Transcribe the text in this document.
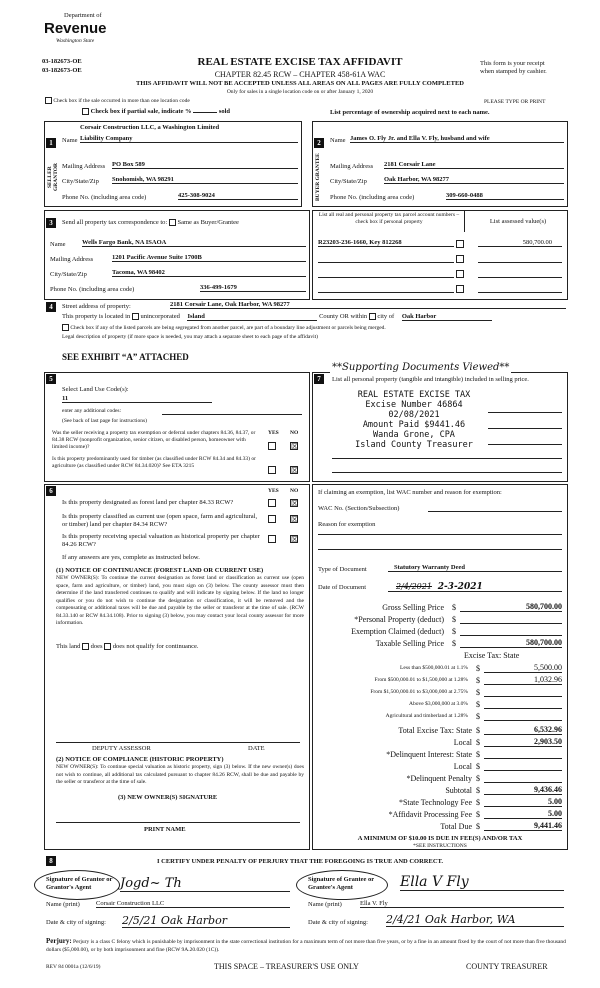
Department of
Revenue
Washington State
03-182673-OE
03-182673-OE
REAL ESTATE EXCISE TAX AFFIDAVIT
CHAPTER 82.45 RCW – CHAPTER 458-61A WAC
This form is your receipt
when stamped by cashier.
THIS AFFIDAVIT WILL NOT BE ACCEPTED UNLESS ALL AREAS ON ALL PAGES ARE FULLY COMPLETED
Only for sales in a single location code on or after January 1, 2020
Check box if the sale occurred in more than one location code	PLEASE TYPE OR PRINT
Check box if partial sale, indicate %	sold	List percentage of ownership acquired next to each name.
1
SELLER GRANTOR
Corsair Construction LLC, a Washington Limited
Name Liability Company
Mailing Address PO Box 589
City/State/Zip Snohomish, WA 98291
Phone No. (including area code)	425-308-9024
2
BUYER GRANTEE
Name James O. Fly Jr. and Ella V. Fly, husband and wife
Mailing Address 2181 Corsair Lane
City/State/Zip	Oak Harbor, WA 98277
Phone No. (including area code)	309-660-0488
3	Send all property tax correspondence to: Same as Buyer/Grantee
Name	Wells Fargo Bank, NA ISAOA
Mailing Address	1201 Pacific Avenue Suite 1700B
City/State/Zip	Tacoma, WA 98402
Phone No. (including area code)	336-499-1679
List all real and personal property tax parcel account numbers – check box if personal property	List assessed value(s)
R23203-236-1660, Key 812268	580,700.00
4	Street address of property:	2181 Corsair Lane, Oak Harbor, WA 98277
This property is located in unincorporated Island	County OR within city of Oak Harbor
Check box if any of the listed parcels are being segregated from another parcel, are part of a boundary line adjustment or parcels being merged.
Legal description of property (if more space is needed, you may attach a separate sheet to each page of the affidavit)
SEE EXHIBIT “A” ATTACHED
5
Select Land Use Code(s):
11
enter any additional codes:
(See back of last page for instructions)
YES NO
Was the seller receiving a property tax exemption or deferral under chapters 84.36, 84.37, or 84.38 RCW (nonprofit organization, senior citizen, or disabled person, homeowner with limited income)?	☒
Is this property predominantly used for timber (as classified under RCW 84.34 and 84.33) or agriculture (as classified under RCW 84.34.020)? See ETA 3215	☒
6	YES NO
Is this property designated as forest land per chapter 84.33 RCW?	☒
Is this property classified as current use (open space, farm and agricultural, or timber) land per chapter 84.34 RCW?
☒
Is this property receiving special valuation as historical property per chapter 84.26 RCW?
☒
If any answers are yes, complete as instructed below.
(1) NOTICE OF CONTINUANCE (FOREST LAND OR CURRENT USE)
NEW OWNER(S): To continue the current designation as forest land or classification as current use (open space, farm and agriculture, or timber) land, you must sign on (3) below. The county assessor must then determine if the land transferred continues to qualify and will indicate by signing below. If the land no longer qualifies or you do not wish to continue the designation or classification, it will be removed and the compensating or additional taxes will be due and payable by the seller or transferor at the time of sale. (RCW 84.33.140 or RCW 84.34.108). Prior to signing (3) below, you may contact your local county assessor for more information.
This land does does not qualify for continuance.
DEPUTY ASSESSOR	DATE
(2) NOTICE OF COMPLIANCE (HISTORIC PROPERTY)
NEW OWNER(S): To continue special valuation as historic property, sign (3) below. If the new owner(s) does not wish to continue, all additional tax calculated pursuant to chapter 84.26 RCW, shall be due and payable by the seller or transferor at the time of sale.
(3) NEW OWNER(S) SIGNATURE
PRINT NAME
**Supporting Documents Viewed**
7	List all personal property (tangible and intangible) included in selling price.
REAL ESTATE EXCISE TAX
Excise Number 46864
02/08/2021
Amount Paid $9441.46
Wanda Grone, CPA
Island County Treasurer
If claiming an exemption, list WAC number and reason for exemption:
WAC No. (Section/Subsection)
Reason for exemption
Type of Document	Statutory Warranty Deed
Date of Document	2/4/2021 2-3-2021
Gross Selling Price $	580,700.00
*Personal Property (deduct) $
Exemption Claimed (deduct) $
Taxable Selling Price $	580,700.00
Excise Tax: State
Less than $500,000.01 at 1.1% $	5,500.00
From $500,000.01 to $1,500,000 at 1.28% $	1,032.96
From $1,500,000.01 to $3,000,000 at 2.75% $
Above $3,000,000 at 3.0% $
Agricultural and timberland at 1.28% $
Total Excise Tax: State $	6,532.96
Local $	2,903.50
*Delinquent Interest: State $
Local $
*Delinquent Penalty $
Subtotal $	9,436.46
*State Technology Fee $	5.00
*Affidavit Processing Fee $	5.00
Total Due $	9,441.46
A MINIMUM OF $10.00 IS DUE IN FEE(S) AND/OR TAX
*SEE INSTRUCTIONS
8	I CERTIFY UNDER PENALTY OF PERJURY THAT THE FOREGOING IS TRUE AND CORRECT.
Signature of Grantor or Grantor's Agent	Jogd~ Th
Name (print) Corsair Construction LLC
Date & city of signing: 2/5/21 Oak Harbor
Signature of Grantee or Grantee's Agent	Ella V Fly
Name (print)	Ella V. Fly
Date & city of signing: 2/4/21 Oak Harbor, WA
Perjury: Perjury is a class C felony which is punishable by imprisonment in the state correctional institution for a maximum term of not more than five years, or by a fine in an amount fixed by the court of not more than five thousand dollars ($5,000.00), or by both imprisonment and fine (RCW 9A.20.020 (1C)).
REV 84 0001a (12/6/19)	THIS SPACE – TREASURER'S USE ONLY	COUNTY TREASURER
